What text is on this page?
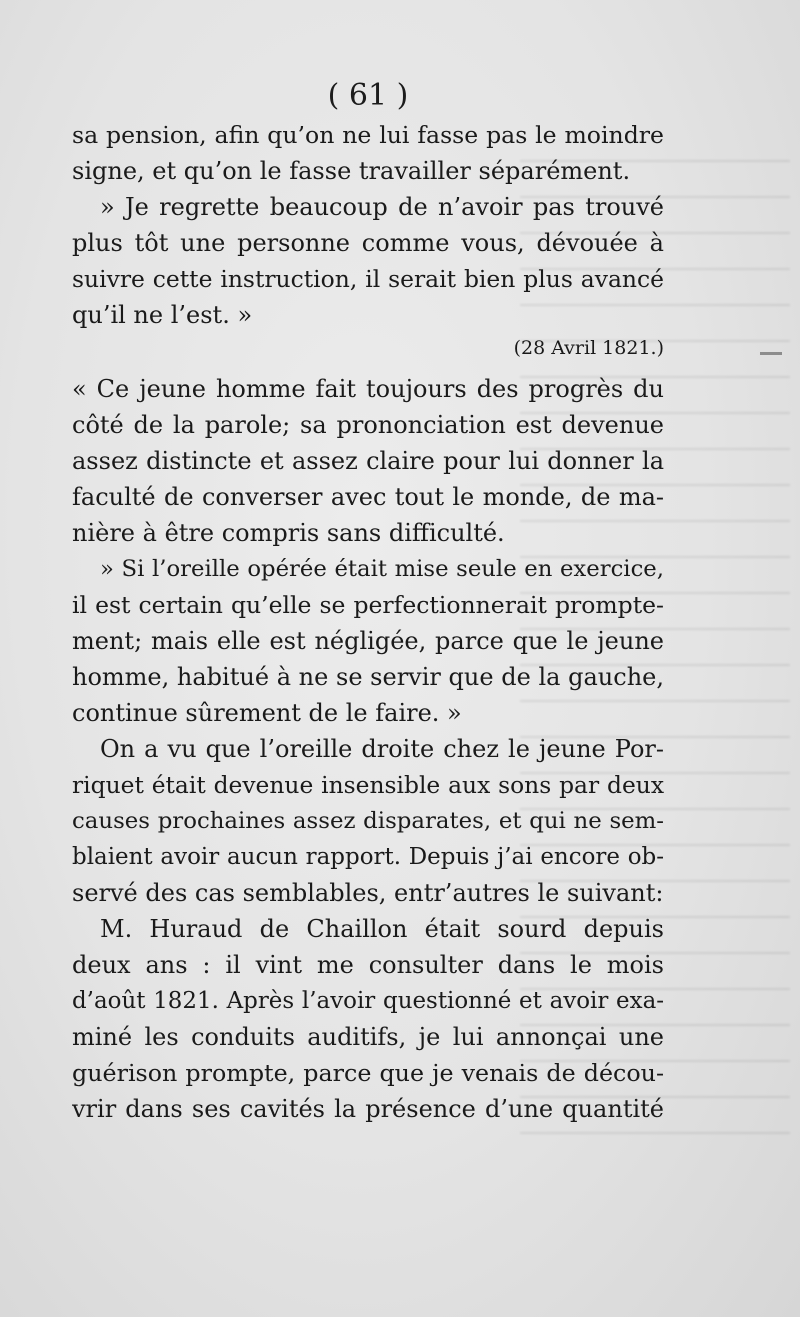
( 61 )
sa pension, afin qu’on ne lui fasse pas le moindre
signe, et qu’on le fasse travailler séparément.
» Je regrette beaucoup de n’avoir pas trouvé
plus tôt une personne comme vous, dévouée à
suivre cette instruction, il serait bien plus avancé
qu’il ne l’est. »
(28 Avril 1821.)
« Ce jeune homme fait toujours des progrès du
côté de la parole; sa prononciation est devenue
assez distincte et assez claire pour lui donner la
faculté de converser avec tout le monde, de ma-
nière à être compris sans difficulté.
» Si l’oreille opérée était mise seule en exercice,
il est certain qu’elle se perfectionnerait prompte-
ment; mais elle est négligée, parce que le jeune
homme, habitué à ne se servir que de la gauche,
continue sûrement de le faire. »
On a vu que l’oreille droite chez le jeune Por-
riquet était devenue insensible aux sons par deux
causes prochaines assez disparates, et qui ne sem-
blaient avoir aucun rapport. Depuis j’ai encore ob-
servé des cas semblables, entr’autres le suivant:
M. Huraud de Chaillon était sourd depuis
deux ans : il vint me consulter dans le mois
d’août 1821. Après l’avoir questionné et avoir exa-
miné les conduits auditifs, je lui annonçai une
guérison prompte, parce que je venais de décou-
vrir dans ses cavités la présence d’une quantité
